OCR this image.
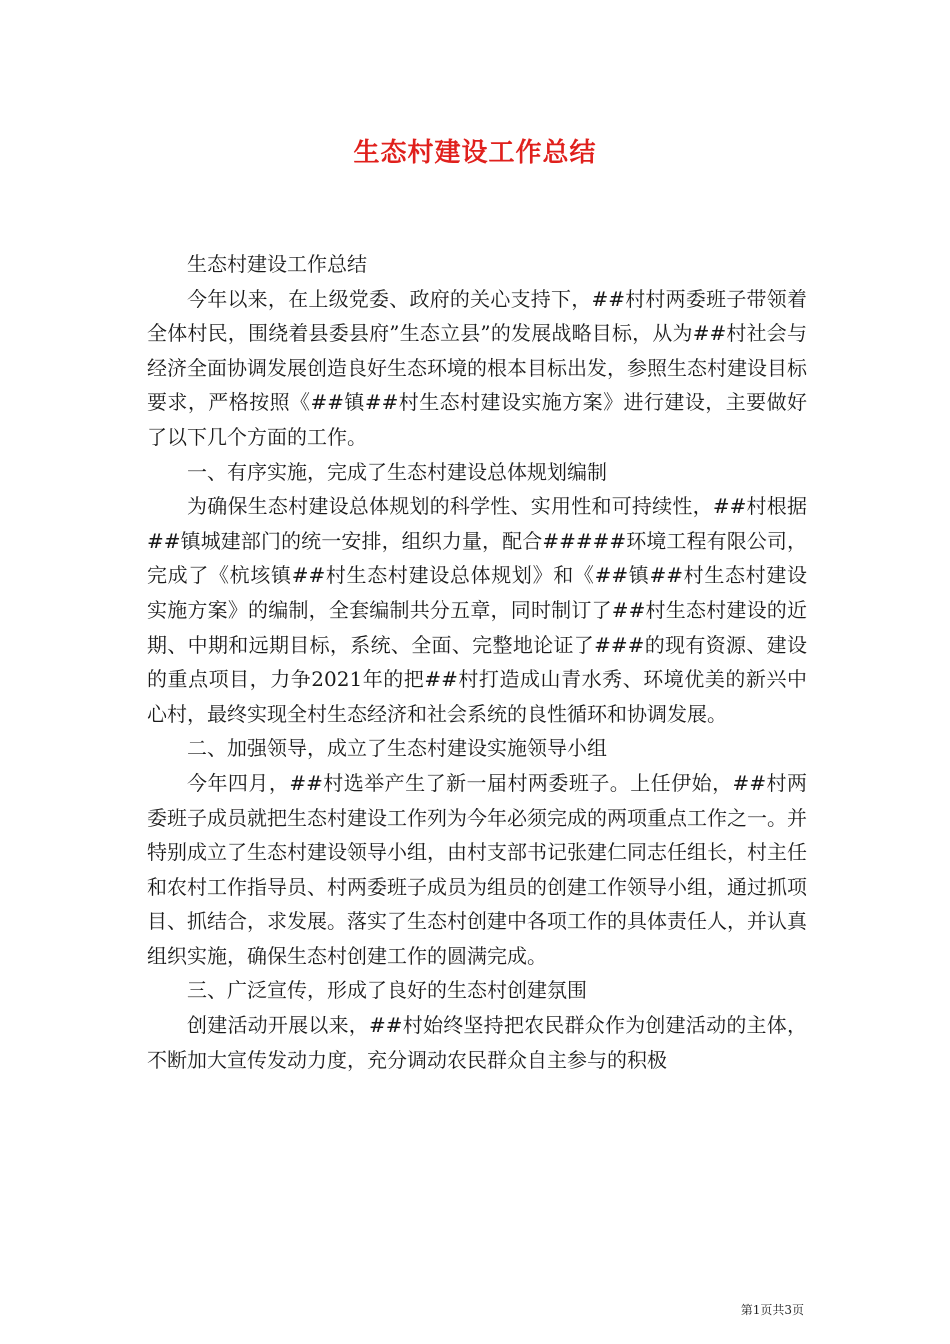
生态村建设工作总结

生态村建设工作总结

今年以来，在上级党委、政府的关心支持下，##村村两委班子带领着全体村民，围绕着县委县府”生态立县”的发展战略目标，从为##村社会与经济全面协调发展创造良好生态环境的根本目标出发，参照生态村建设目标要求，严格按照《##镇##村生态村建设实施方案》进行建设，主要做好了以下几个方面的工作。

一、有序实施，完成了生态村建设总体规划编制

为确保生态村建设总体规划的科学性、实用性和可持续性，##村根据##镇城建部门的统一安排，组织力量，配合#####环境工程有限公司，完成了《杭垓镇##村生态村建设总体规划》和《##镇##村生态村建设实施方案》的编制，全套编制共分五章，同时制订了##村生态村建设的近期、中期和远期目标，系统、全面、完整地论证了###的现有资源、建设的重点项目，力争2021年的把##村打造成山青水秀、环境优美的新兴中心村，最终实现全村生态经济和社会系统的良性循环和协调发展。

二、加强领导，成立了生态村建设实施领导小组

今年四月，##村选举产生了新一届村两委班子。上任伊始，##村两委班子成员就把生态村建设工作列为今年必须完成的两项重点工作之一。并特别成立了生态村建设领导小组，由村支部书记张建仁同志任组长，村主任和农村工作指导员、村两委班子成员为组员的创建工作领导小组，通过抓项目、抓结合，求发展。落实了生态村创建中各项工作的具体责任人，并认真组织实施，确保生态村创建工作的圆满完成。

三、广泛宣传，形成了良好的生态村创建氛围

创建活动开展以来，##村始终坚持把农民群众作为创建活动的主体，不断加大宣传发动力度，充分调动农民群众自主参与的积极

第1页共3页
